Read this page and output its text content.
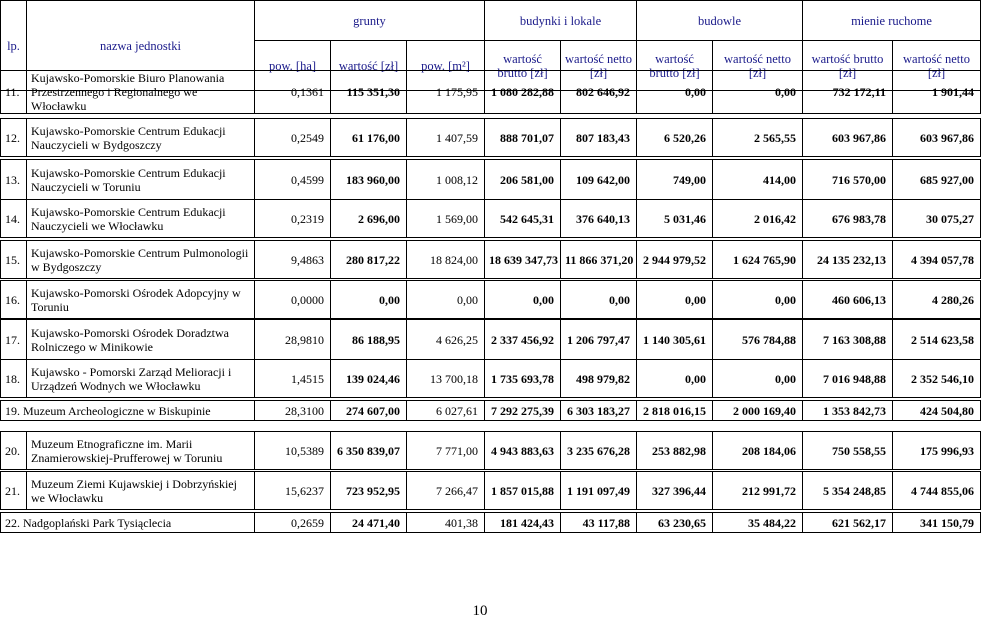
lp.	nazwa jednostki	grunty			budynki i lokale		budowle		mienie ruchome	
		pow. [ha]	wartość [zł]	pow. [m²]	wartość brutto [zł]	wartość netto [zł]	wartość brutto [zł]	wartość netto [zł]	wartość brutto [zł]	wartość netto [zł]
11.	Kujawsko-Pomorskie Biuro Planowania Przestrzennego i Regionalnego we Włocławku	0,1361	115 351,30	1 175,95	1 080 282,88	802 646,92	0,00	0,00	732 172,11	1 901,44
12.	Kujawsko-Pomorskie Centrum Edukacji Nauczycieli w Bydgoszczy	0,2549	61 176,00	1 407,59	888 701,07	807 183,43	6 520,26	2 565,55	603 967,86	603 967,86
13.	Kujawsko-Pomorskie Centrum Edukacji Nauczycieli w Toruniu	0,4599	183 960,00	1 008,12	206 581,00	109 642,00	749,00	414,00	716 570,00	685 927,00
14.	Kujawsko-Pomorskie Centrum Edukacji Nauczycieli we Włocławku	0,2319	2 696,00	1 569,00	542 645,31	376 640,13	5 031,46	2 016,42	676 983,78	30 075,27
15.	Kujawsko-Pomorskie Centrum Pulmonologii w Bydgoszczy	9,4863	280 817,22	18 824,00	18 639 347,73	11 866 371,20	2 944 979,52	1 624 765,90	24 135 232,13	4 394 057,78
16.	Kujawsko-Pomorski Ośrodek Adopcyjny w Toruniu	0,0000	0,00	0,00	0,00	0,00	0,00	0,00	460 606,13	4 280,26
17.	Kujawsko-Pomorski Ośrodek Doradztwa Rolniczego w Minikowie	28,9810	86 188,95	4 626,25	2 337 456,92	1 206 797,47	1 140 305,61	576 784,88	7 163 308,88	2 514 623,58
18.	Kujawsko - Pomorski Zarząd Melioracji i Urządzeń Wodnych we Włocławku	1,4515	139 024,46	13 700,18	1 735 693,78	498 979,82	0,00	0,00	7 016 948,88	2 352 546,10
19. Muzeum Archeologiczne w Biskupinie	28,3100	274 607,00	6 027,61	7 292 275,39	6 303 183,27	2 818 016,15	2 000 169,40	1 353 842,73	424 504,80
20.	Muzeum Etnograficzne im. Marii Znamierowskiej-Prufferowej w Toruniu	10,5389	6 350 839,07	7 771,00	4 943 883,63	3 235 676,28	253 882,98	208 184,06	750 558,55	175 996,93
21.	Muzeum Ziemi Kujawskiej i Dobrzyńskiej we Włocławku	15,6237	723 952,95	7 266,47	1 857 015,88	1 191 097,49	327 396,44	212 991,72	5 354 248,85	4 744 855,06
22. Nadgoplański Park Tysiąclecia	0,2659	24 471,40	401,38	181 424,43	43 117,88	63 230,65	35 484,22	621 562,17	341 150,79
10
